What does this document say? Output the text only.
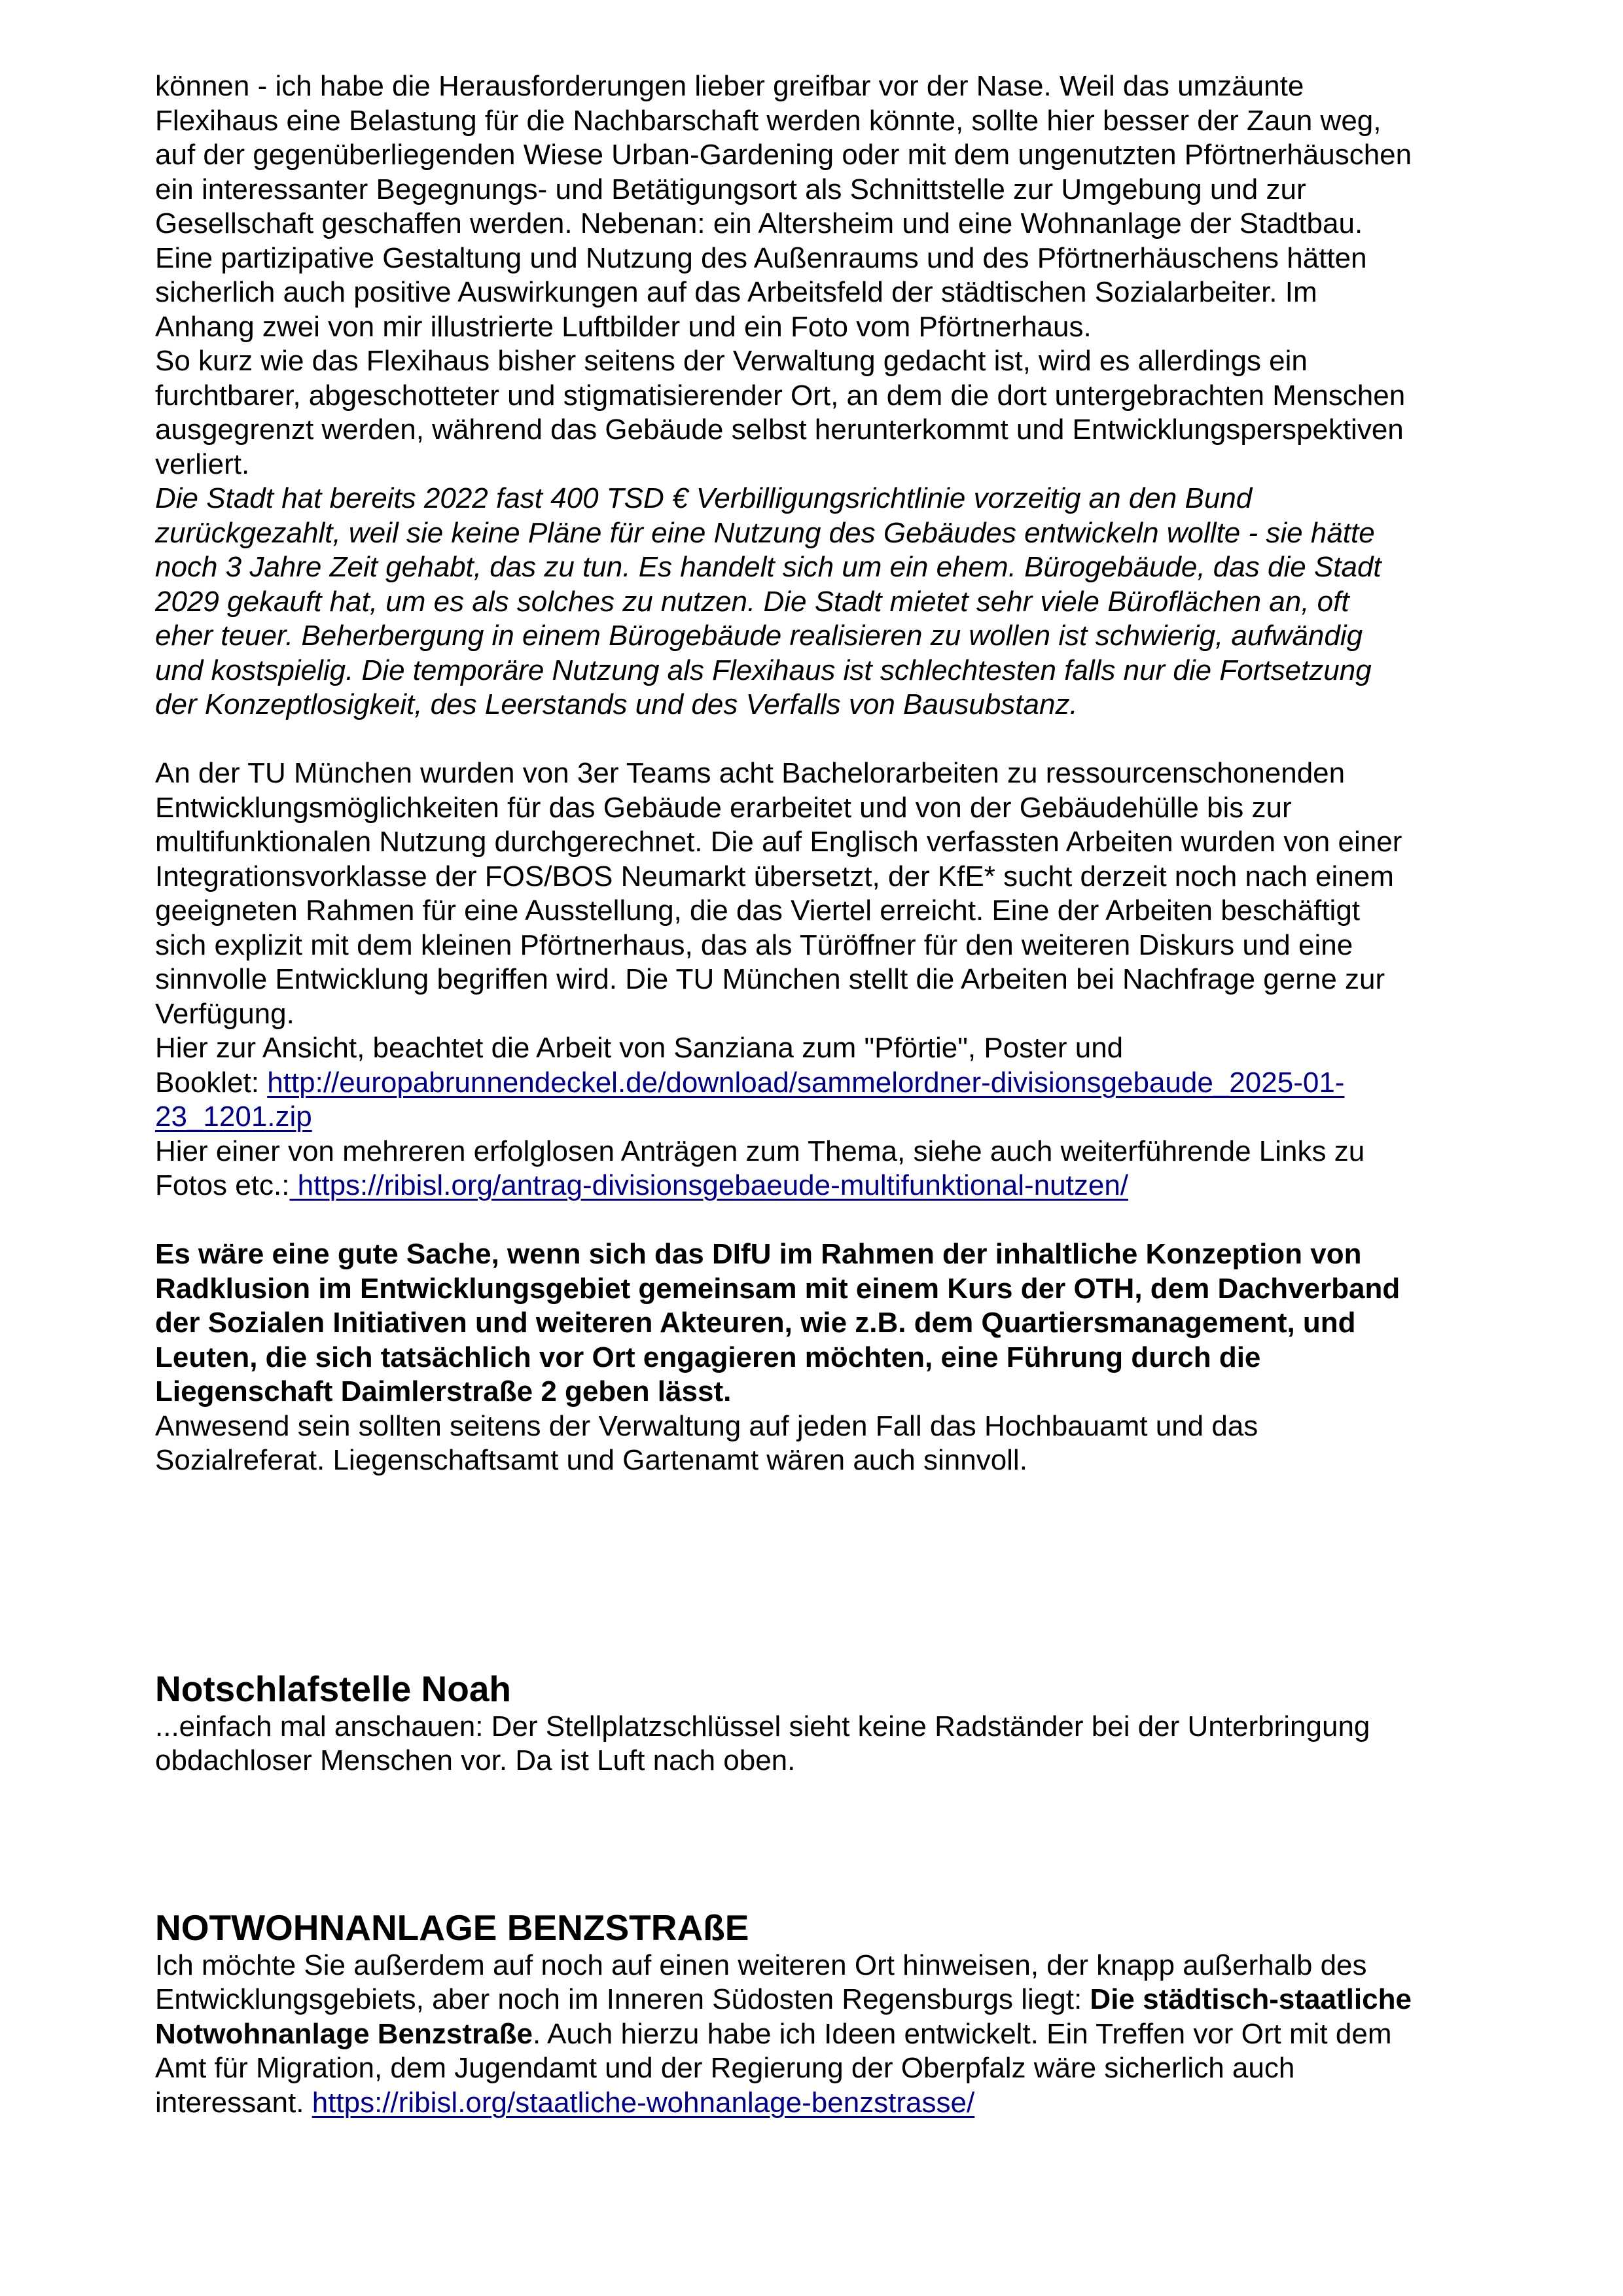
können - ich habe die Herausforderungen lieber greifbar vor der Nase. Weil das umzäunte
Flexihaus eine Belastung für die Nachbarschaft werden könnte, sollte hier besser der Zaun weg,
auf der gegenüberliegenden Wiese Urban-Gardening oder mit dem ungenutzten Pförtnerhäuschen
ein interessanter Begegnungs- und Betätigungsort als Schnittstelle zur Umgebung und zur
Gesellschaft geschaffen werden. Nebenan: ein Altersheim und eine Wohnanlage der Stadtbau.
Eine partizipative Gestaltung und Nutzung des Außenraums und des Pförtnerhäuschens hätten
sicherlich auch positive Auswirkungen auf das Arbeitsfeld der städtischen Sozialarbeiter. Im
Anhang zwei von mir illustrierte Luftbilder und ein Foto vom Pförtnerhaus.
So kurz wie das Flexihaus bisher seitens der Verwaltung gedacht ist, wird es allerdings ein
furchtbarer, abgeschotteter und stigmatisierender Ort, an dem die dort untergebrachten Menschen
ausgegrenzt werden, während das Gebäude selbst herunterkommt und Entwicklungsperspektiven
verliert.
Die Stadt hat bereits 2022 fast 400 TSD € Verbilligungsrichtlinie vorzeitig an den Bund
zurückgezahlt, weil sie keine Pläne für eine Nutzung des Gebäudes entwickeln wollte - sie hätte
noch 3 Jahre Zeit gehabt, das zu tun. Es handelt sich um ein ehem. Bürogebäude, das die Stadt
2029 gekauft hat, um es als solches zu nutzen. Die Stadt mietet sehr viele Büroflächen an, oft
eher teuer. Beherbergung in einem Bürogebäude realisieren zu wollen ist schwierig, aufwändig
und kostspielig. Die temporäre Nutzung als Flexihaus ist schlechtesten falls nur die Fortsetzung
der Konzeptlosigkeit, des Leerstands und des Verfalls von Bausubstanz.
An der TU München wurden von 3er Teams acht Bachelorarbeiten zu ressourcenschonenden
Entwicklungsmöglichkeiten für das Gebäude erarbeitet und von der Gebäudehülle bis zur
multifunktionalen Nutzung durchgerechnet. Die auf Englisch verfassten Arbeiten wurden von einer
Integrationsvorklasse der FOS/BOS Neumarkt übersetzt, der KfE* sucht derzeit noch nach einem
geeigneten Rahmen für eine Ausstellung, die das Viertel erreicht. Eine der Arbeiten beschäftigt
sich explizit mit dem kleinen Pförtnerhaus, das als Türöffner für den weiteren Diskurs und eine
sinnvolle Entwicklung begriffen wird. Die TU München stellt die Arbeiten bei Nachfrage gerne zur
Verfügung.
Hier zur Ansicht, beachtet die Arbeit von Sanziana zum "Pförtie", Poster und
Booklet: http://europabrunnendeckel.de/download/sammelordner-divisionsgebaude_2025-01-
23_1201.zip
Hier einer von mehreren erfolglosen Anträgen zum Thema, siehe auch weiterführende Links zu
Fotos etc.: https://ribisl.org/antrag-divisionsgebaeude-multifunktional-nutzen/
Es wäre eine gute Sache, wenn sich das DIfU im Rahmen der inhaltliche Konzeption von
Radklusion im Entwicklungsgebiet gemeinsam mit einem Kurs der OTH, dem Dachverband
der Sozialen Initiativen und weiteren Akteuren, wie z.B. dem Quartiersmanagement, und
Leuten, die sich tatsächlich vor Ort engagieren möchten, eine Führung durch die
Liegenschaft Daimlerstraße 2 geben lässt.
Anwesend sein sollten seitens der Verwaltung auf jeden Fall das Hochbauamt und das
Sozialreferat. Liegenschaftsamt und Gartenamt wären auch sinnvoll.
Notschlafstelle Noah
...einfach mal anschauen: Der Stellplatzschlüssel sieht keine Radständer bei der Unterbringung
obdachloser Menschen vor. Da ist Luft nach oben.
NOTWOHNANLAGE BENZSTRAßE
Ich möchte Sie außerdem auf noch auf einen weiteren Ort hinweisen, der knapp außerhalb des
Entwicklungsgebiets, aber noch im Inneren Südosten Regensburgs liegt: Die städtisch-staatliche
Notwohnanlage Benzstraße. Auch hierzu habe ich Ideen entwickelt. Ein Treffen vor Ort mit dem
Amt für Migration, dem Jugendamt und der Regierung der Oberpfalz wäre sicherlich auch
interessant. https://ribisl.org/staatliche-wohnanlage-benzstrasse/
